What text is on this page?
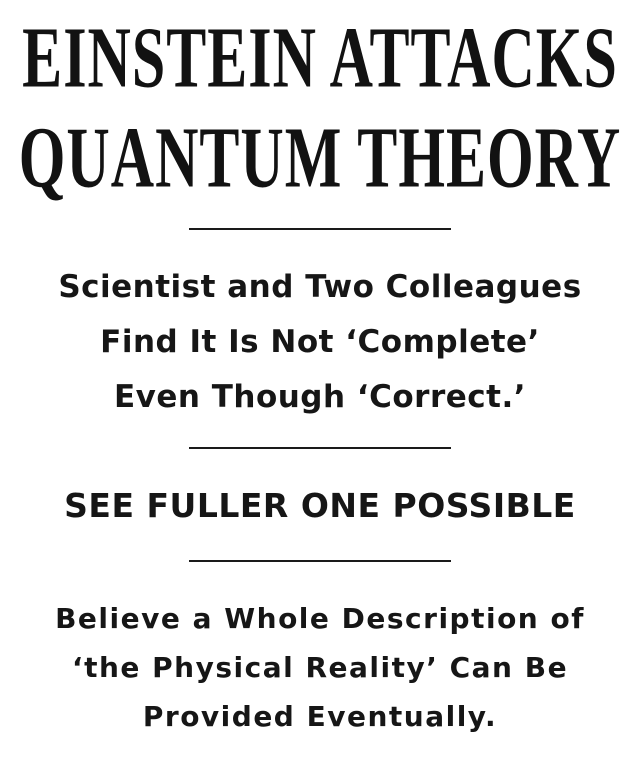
EINSTEIN ATTACKS
QUANTUM THEORY
Scientist and Two Colleagues
Find It Is Not ‘Complete’
Even Though ‘Correct.’
SEE FULLER ONE POSSIBLE
Believe a Whole Description of
‘the Physical Reality’ Can Be
Provided Eventually.
